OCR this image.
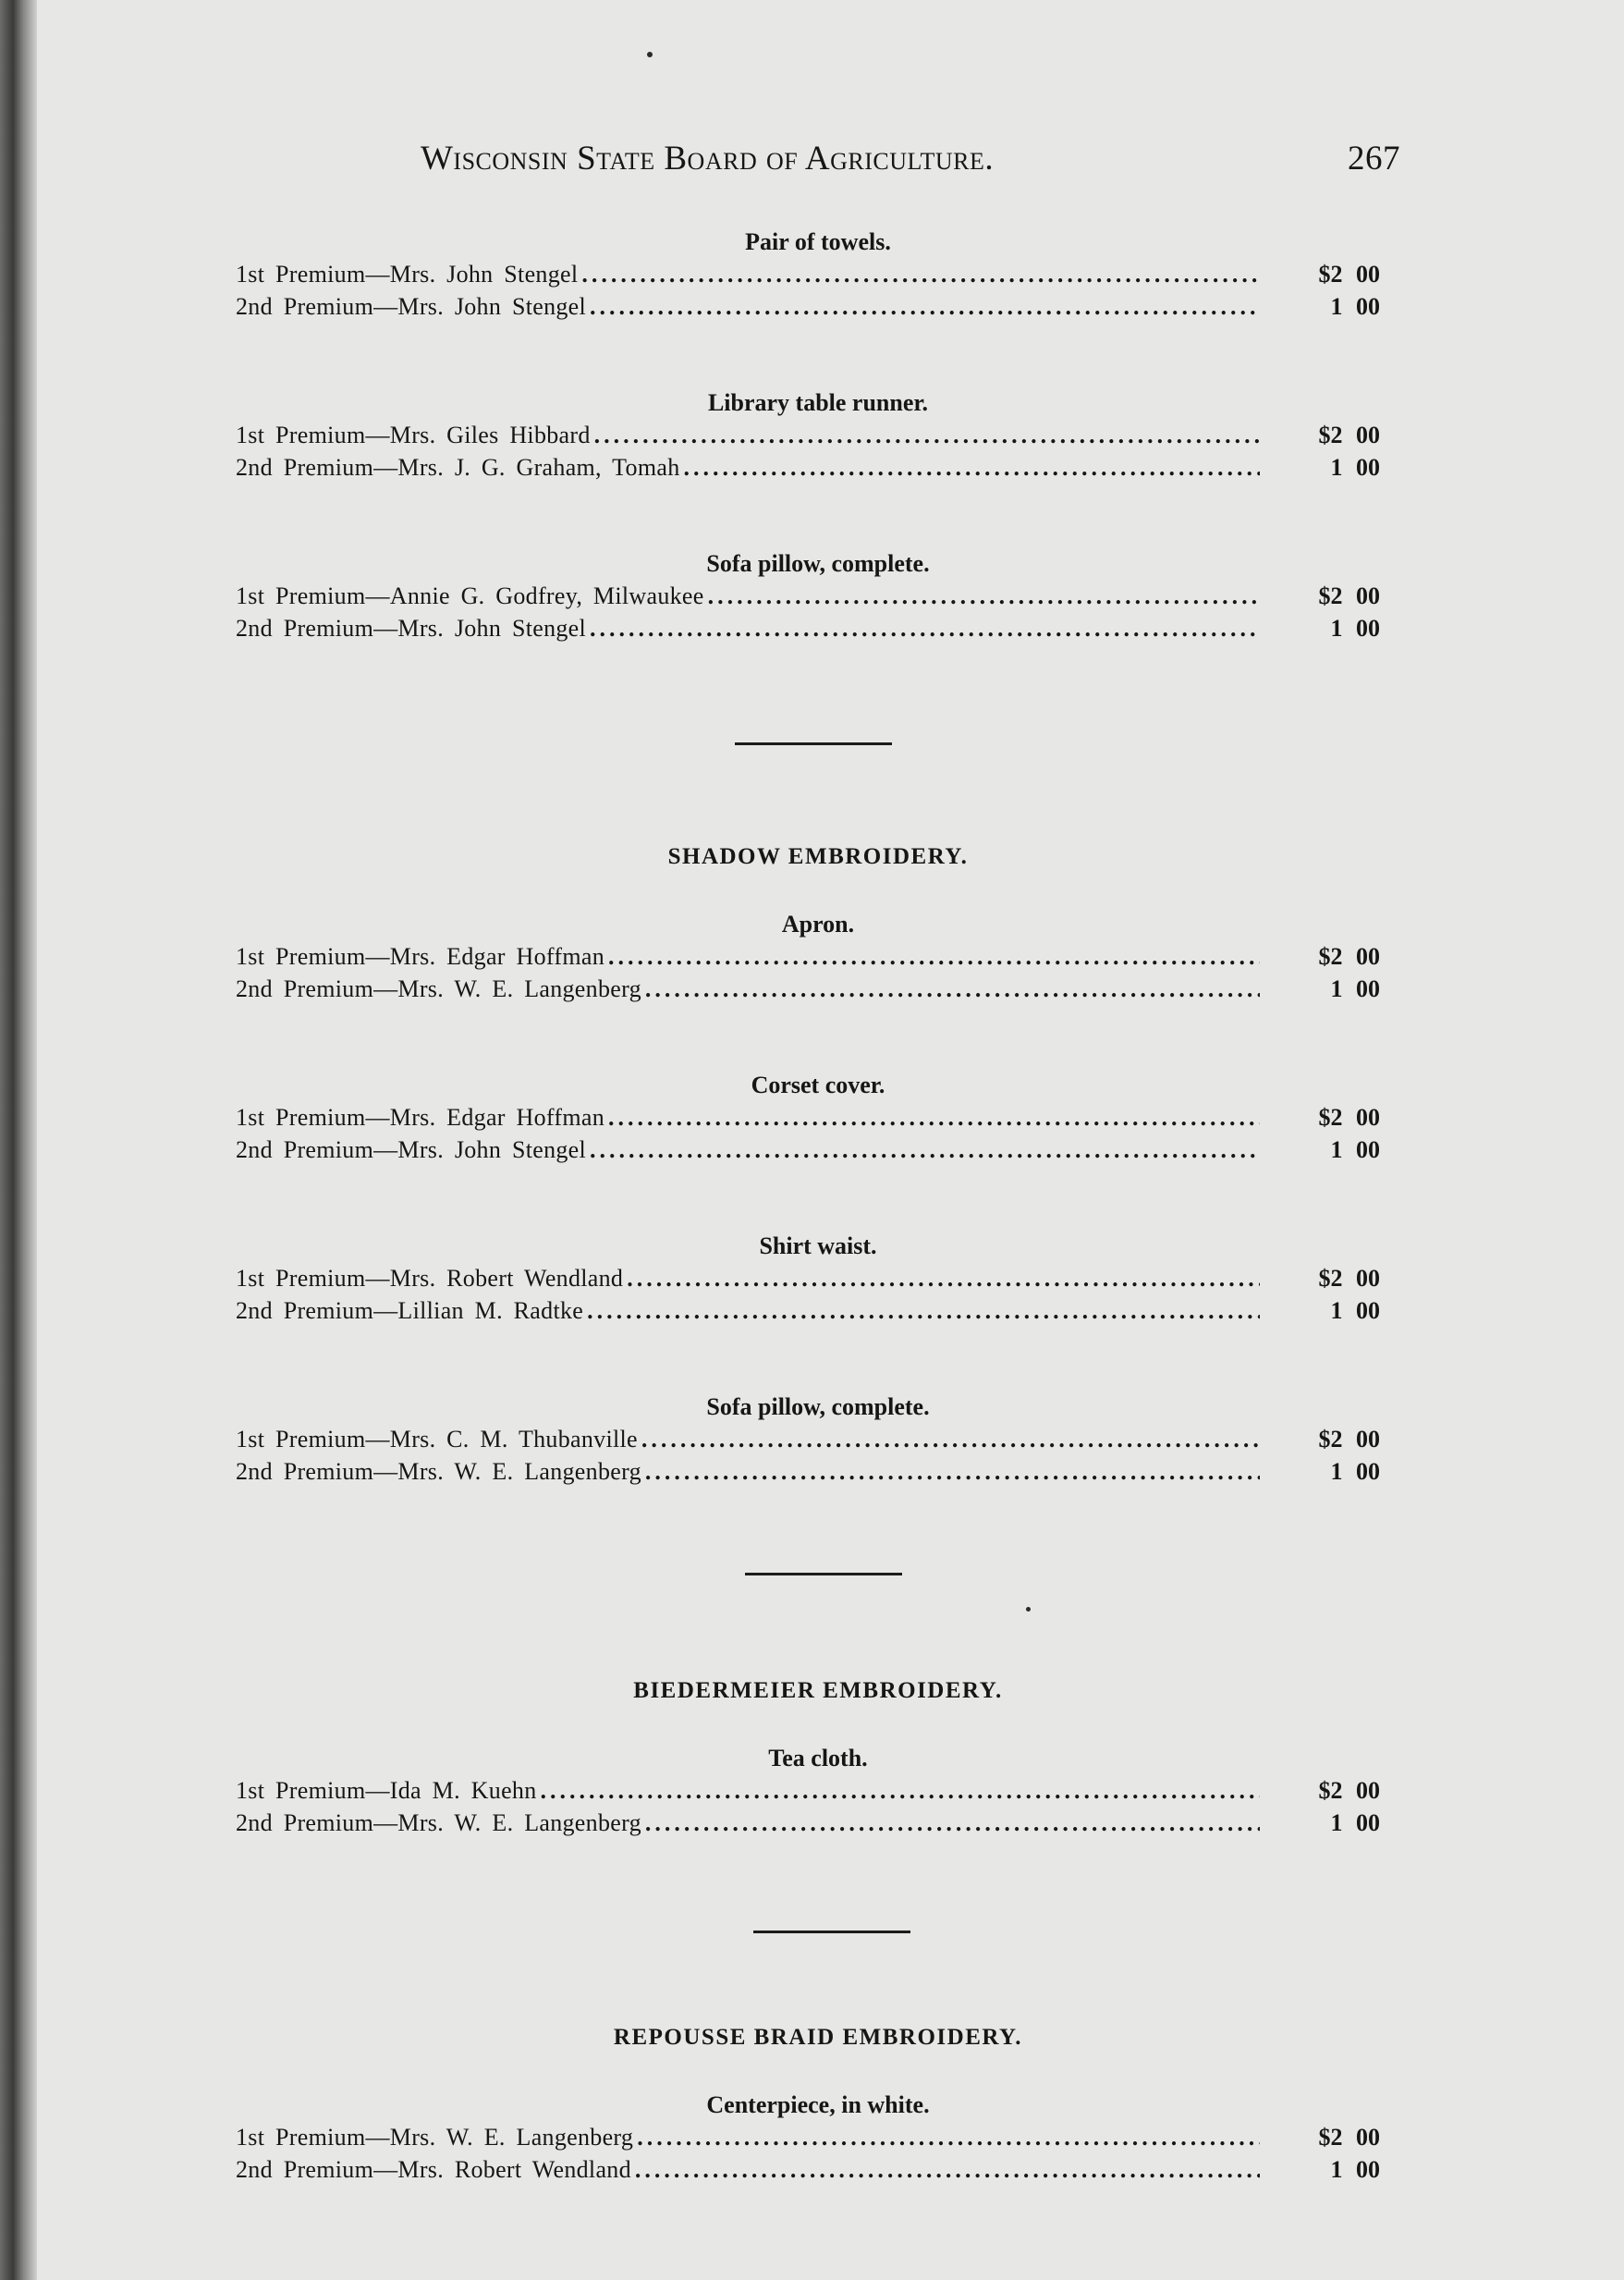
Wisconsin State Board of Agriculture.	267
Pair of towels.
1st Premium—Mrs. John Stengel .....	$2 00
2nd Premium—Mrs. John Stengel .....	1 00
Library table runner.
1st Premium—Mrs. Giles Hibbard .....	$2 00
2nd Premium—Mrs. J. G. Graham, Tomah .....	1 00
Sofa pillow, complete.
1st Premium—Annie G. Godfrey, Milwaukee .....	$2 00
2nd Premium—Mrs. John Stengel .....	1 00
SHADOW EMBROIDERY.
Apron.
1st Premium—Mrs. Edgar Hoffman .....	$2 00
2nd Premium—Mrs. W. E. Langenberg .....	1 00
Corset cover.
1st Premium—Mrs. Edgar Hoffman .....	$2 00
2nd Premium—Mrs. John Stengel .....	1 00
Shirt waist.
1st Premium—Mrs. Robert Wendland .....	$2 00
2nd Premium—Lillian M. Radtke .....	1 00
Sofa pillow, complete.
1st Premium—Mrs. C. M. Thubanville .....	$2 00
2nd Premium—Mrs. W. E. Langenberg .....	1 00
BIEDERMEIER EMBROIDERY.
Tea cloth.
1st Premium—Ida M. Kuehn .....	$2 00
2nd Premium—Mrs. W. E. Langenberg .....	1 00
REPOUSSE BRAID EMBROIDERY.
Centerpiece, in white.
1st Premium—Mrs. W. E. Langenberg .....	$2 00
2nd Premium—Mrs. Robert Wendland .....	1 00
